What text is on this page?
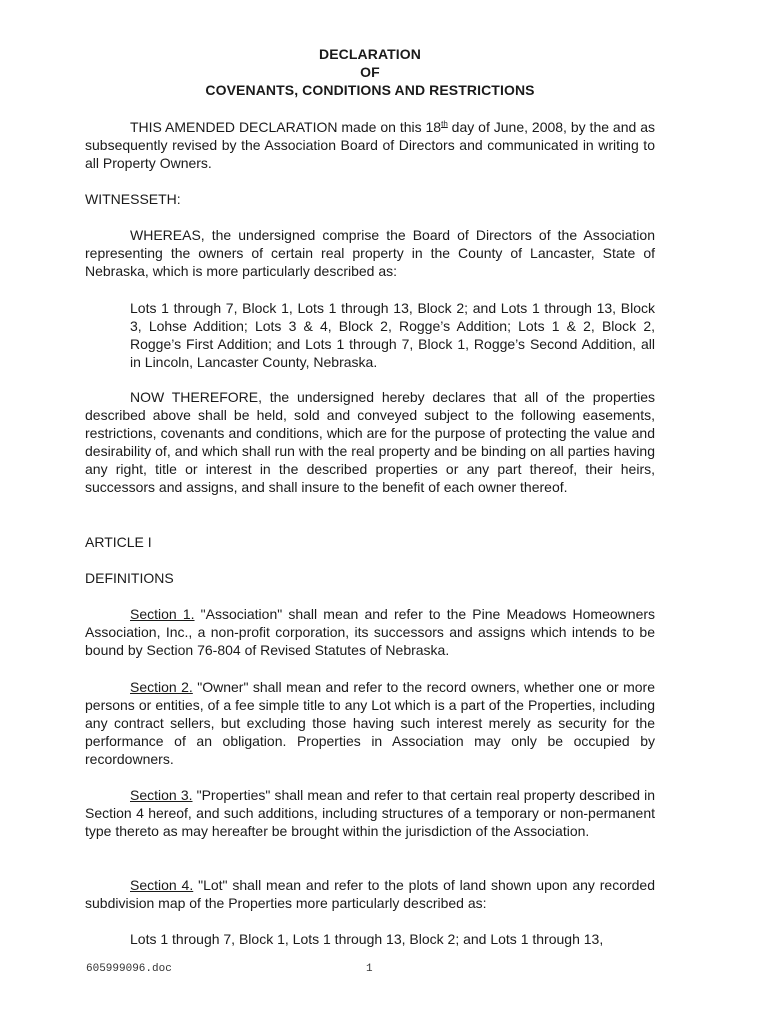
DECLARATION
OF
COVENANTS, CONDITIONS AND RESTRICTIONS

THIS AMENDED DECLARATION made on this 18th day of June, 2008, by the and as subsequently revised by the Association Board of Directors and communicated in writing to all Property Owners.

WITNESSETH:

WHEREAS, the undersigned comprise the Board of Directors of the Association representing the owners of certain real property in the County of Lancaster, State of Nebraska, which is more particularly described as:

Lots 1 through 7, Block 1, Lots 1 through 13, Block 2; and Lots 1 through 13, Block 3, Lohse Addition; Lots 3 & 4, Block 2, Rogge’s Addition; Lots 1 & 2, Block 2, Rogge’s First Addition; and Lots 1 through 7, Block 1, Rogge’s Second Addition, all in Lincoln, Lancaster County, Nebraska.

NOW THEREFORE, the undersigned hereby declares that all of the properties described above shall be held, sold and conveyed subject to the following easements, restrictions, covenants and conditions, which are for the purpose of protecting the value and desirability of, and which shall run with the real property and be binding on all parties having any right, title or interest in the described properties or any part thereof, their heirs, successors and assigns, and shall insure to the benefit of each owner thereof.

ARTICLE I
DEFINITIONS

Section 1. "Association" shall mean and refer to the Pine Meadows Homeowners Association, Inc., a non-profit corporation, its successors and assigns which intends to be bound by Section 76-804 of Revised Statutes of Nebraska.

Section 2. "Owner" shall mean and refer to the record owners, whether one or more persons or entities, of a fee simple title to any Lot which is a part of the Properties, including any contract sellers, but excluding those having such interest merely as security for the performance of an obligation. Properties in Association may only be occupied by recordowners.

Section 3. "Properties" shall mean and refer to that certain real property described in Section 4 hereof, and such additions, including structures of a temporary or non-permanent type thereto as may hereafter be brought within the jurisdiction of the Association.

Section 4. "Lot" shall mean and refer to the plots of land shown upon any recorded subdivision map of the Properties more particularly described as:

Lots 1 through 7, Block 1, Lots 1 through 13, Block 2; and Lots 1 through 13,

605999096.doc	1
